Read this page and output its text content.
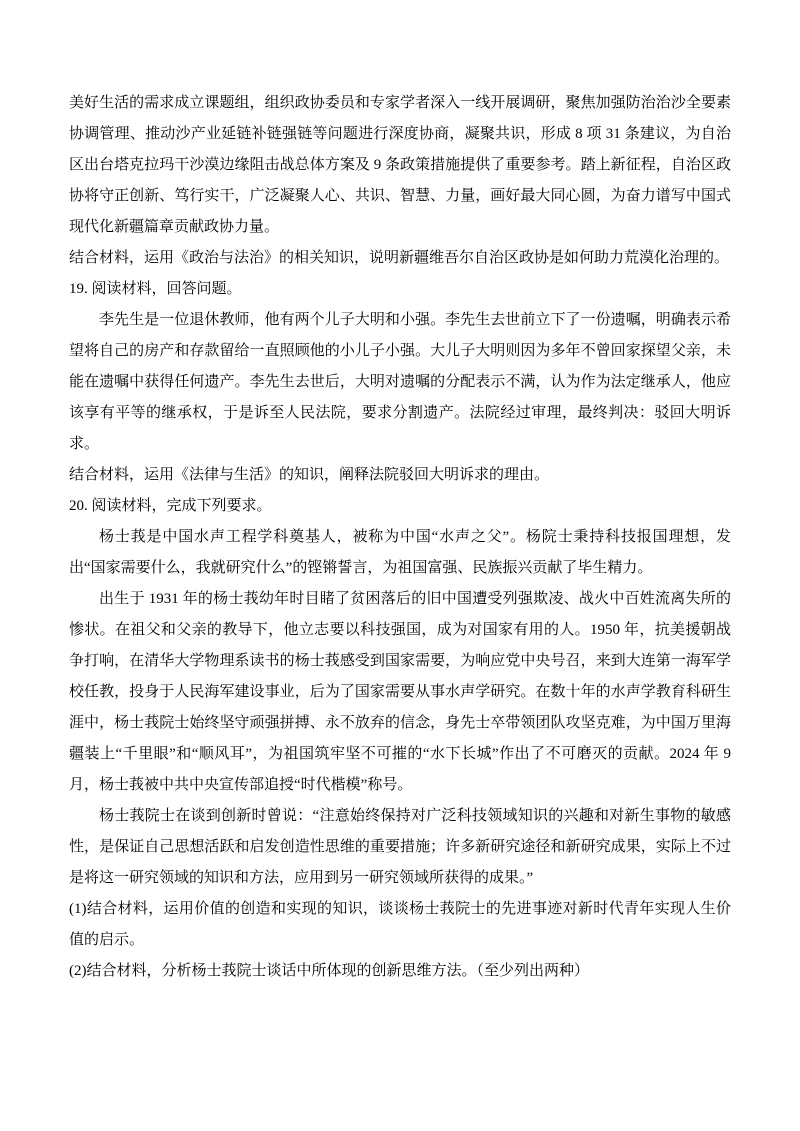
美好生活的需求成立课题组，组织政协委员和专家学者深入一线开展调研，聚焦加强防治治沙全要素协调管理、推动沙产业延链补链强链等问题进行深度协商，凝聚共识，形成 8 项 31 条建议，为自治区出台塔克拉玛干沙漠边缘阻击战总体方案及 9 条政策措施提供了重要参考。踏上新征程，自治区政协将守正创新、笃行实干，广泛凝聚人心、共识、智慧、力量，画好最大同心圆，为奋力谱写中国式现代化新疆篇章贡献政协力量。

结合材料，运用《政治与法治》的相关知识，说明新疆维吾尔自治区政协是如何助力荒漠化治理的。

19. 阅读材料，回答问题。

李先生是一位退休教师，他有两个儿子大明和小强。李先生去世前立下了一份遗嘱，明确表示希望将自己的房产和存款留给一直照顾他的小儿子小强。大儿子大明则因为多年不曾回家探望父亲，未能在遗嘱中获得任何遗产。李先生去世后，大明对遗嘱的分配表示不满，认为作为法定继承人，他应该享有平等的继承权，于是诉至人民法院，要求分割遗产。法院经过审理，最终判决：驳回大明诉求。

结合材料，运用《法律与生活》的知识，阐释法院驳回大明诉求的理由。

20. 阅读材料，完成下列要求。

杨士莪是中国水声工程学科奠基人，被称为中国“水声之父”。杨院士秉持科技报国理想，发出“国家需要什么，我就研究什么”的铿锵誓言，为祖国富强、民族振兴贡献了毕生精力。

出生于 1931 年的杨士莪幼年时目睹了贫困落后的旧中国遭受列强欺凌、战火中百姓流离失所的惨状。在祖父和父亲的教导下，他立志要以科技强国，成为对国家有用的人。1950 年，抗美援朝战争打响，在清华大学物理系读书的杨士莪感受到国家需要，为响应党中央号召，来到大连第一海军学校任教，投身于人民海军建设事业，后为了国家需要从事水声学研究。在数十年的水声学教育科研生涯中，杨士莪院士始终坚守顽强拼搏、永不放弃的信念，身先士卒带领团队攻坚克难，为中国万里海疆装上“千里眼”和“顺风耳”，为祖国筑牢坚不可摧的“水下长城”作出了不可磨灭的贡献。2024 年 9 月，杨士莪被中共中央宣传部追授“时代楷模”称号。

杨士莪院士在谈到创新时曾说：“注意始终保持对广泛科技领域知识的兴趣和对新生事物的敏感性，是保证自己思想活跃和启发创造性思维的重要措施；许多新研究途径和新研究成果，实际上不过是将这一研究领域的知识和方法，应用到另一研究领域所获得的成果。”

(1)结合材料，运用价值的创造和实现的知识，谈谈杨士莪院士的先进事迹对新时代青年实现人生价值的启示。

(2)结合材料，分析杨士莪院士谈话中所体现的创新思维方法。（至少列出两种）
